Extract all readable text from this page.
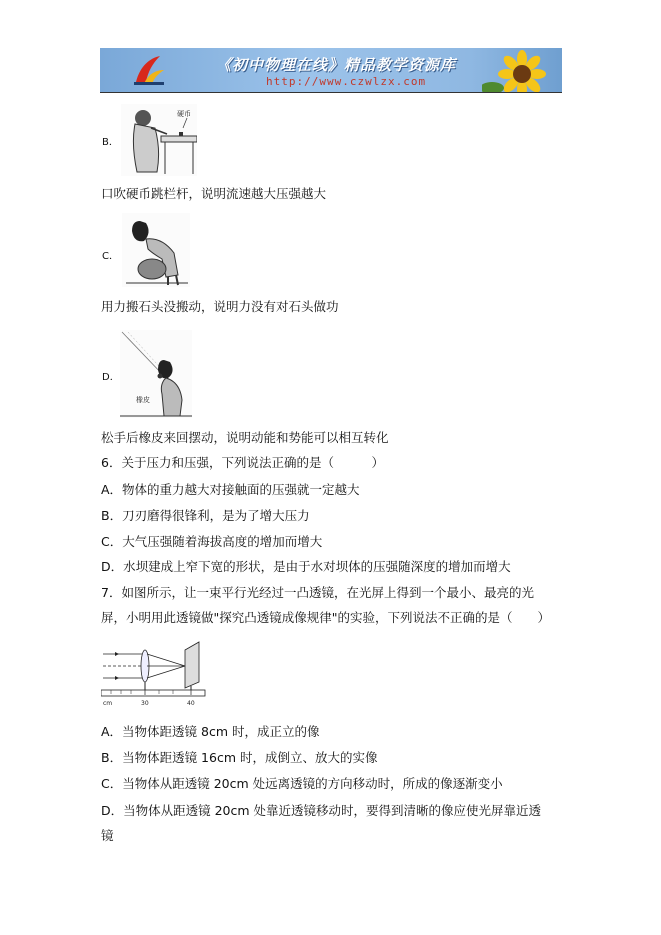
《初中物理在线》精品教学资源库
http://www.czwlzx.com
B．
硬币
口吹硬币跳栏杆，说明流速越大压强越大
C．
用力搬石头没搬动，说明力没有对石头做功
D．
橡皮
松手后橡皮来回摆动，说明动能和势能可以相互转化
6．关于压力和压强，下列说法正确的是（　　　）
A．物体的重力越大对接触面的压强就一定越大
B．刀刃磨得很锋利，是为了增大压力
C．大气压强随着海拔高度的增加而增大
D．水坝建成上窄下宽的形状，是由于水对坝体的压强随深度的增加而增大
7．如图所示，让一束平行光经过一凸透镜，在光屏上得到一个最小、最亮的光
屏，小明用此透镜做"探究凸透镜成像规律"的实验，下列说法不正确的是（　　）
cm	30	40
A．当物体距透镜 8cm 时，成正立的像
B．当物体距透镜 16cm 时，成倒立、放大的实像
C．当物体从距透镜 20cm 处远离透镜的方向移动时，所成的像逐渐变小
D．当物体从距透镜 20cm 处靠近透镜移动时，要得到清晰的像应使光屏靠近透
镜
